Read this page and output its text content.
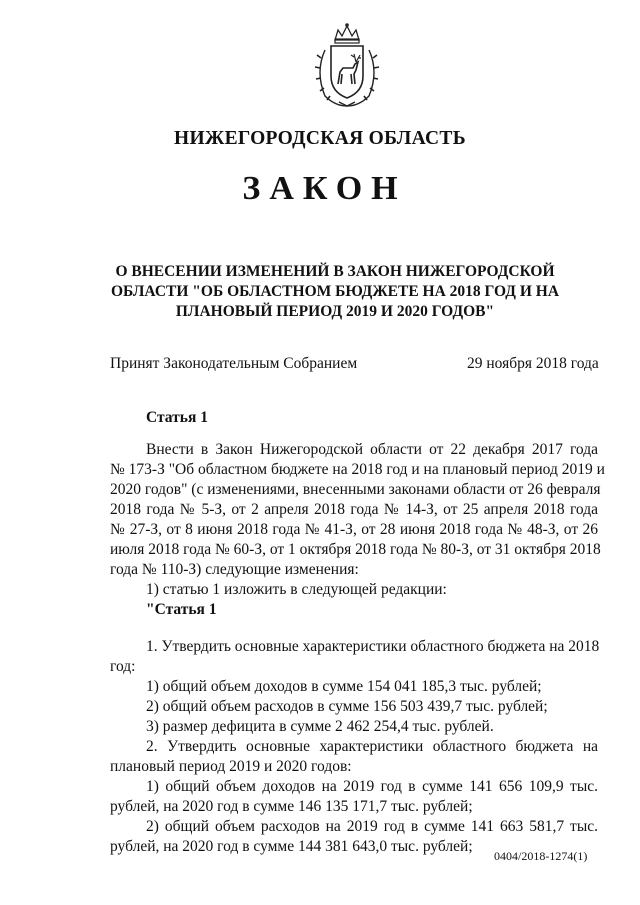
НИЖЕГОРОДСКАЯ ОБЛАСТЬ
ЗАКОН
О ВНЕСЕНИИ ИЗМЕНЕНИЙ В ЗАКОН НИЖЕГОРОДСКОЙ
ОБЛАСТИ "ОБ ОБЛАСТНОМ БЮДЖЕТЕ НА 2018 ГОД И НА
ПЛАНОВЫЙ ПЕРИОД 2019 И 2020 ГОДОВ"
Принят Законодательным Собранием	29 ноября 2018 года
Статья 1
Внести в Закон Нижегородской области от 22 декабря 2017 года
№ 173-З "Об областном бюджете на 2018 год и на плановый период 2019 и
2020 годов" (с изменениями, внесенными законами области от 26 февраля
2018 года № 5-З, от 2 апреля 2018 года № 14-З, от 25 апреля 2018 года
№ 27-З, от 8 июня 2018 года № 41-З, от 28 июня 2018 года № 48-З, от 26
июля 2018 года № 60-З, от 1 октября 2018 года № 80-З, от 31 октября 2018
года № 110-З) следующие изменения:
1) статью 1 изложить в следующей редакции:
"Статья 1
1. Утвердить основные характеристики областного бюджета на 2018
год:
1) общий объем доходов в сумме 154 041 185,3 тыс. рублей;
2) общий объем расходов в сумме 156 503 439,7 тыс. рублей;
3) размер дефицита в сумме 2 462 254,4 тыс. рублей.
2. Утвердить основные характеристики областного бюджета на
плановый период 2019 и 2020 годов:
1) общий объем доходов на 2019 год в сумме 141 656 109,9 тыс.
рублей, на 2020 год в сумме 146 135 171,7 тыс. рублей;
2) общий объем расходов на 2019 год в сумме 141 663 581,7 тыс.
рублей, на 2020 год в сумме 144 381 643,0 тыс. рублей;
0404/2018-1274(1)
